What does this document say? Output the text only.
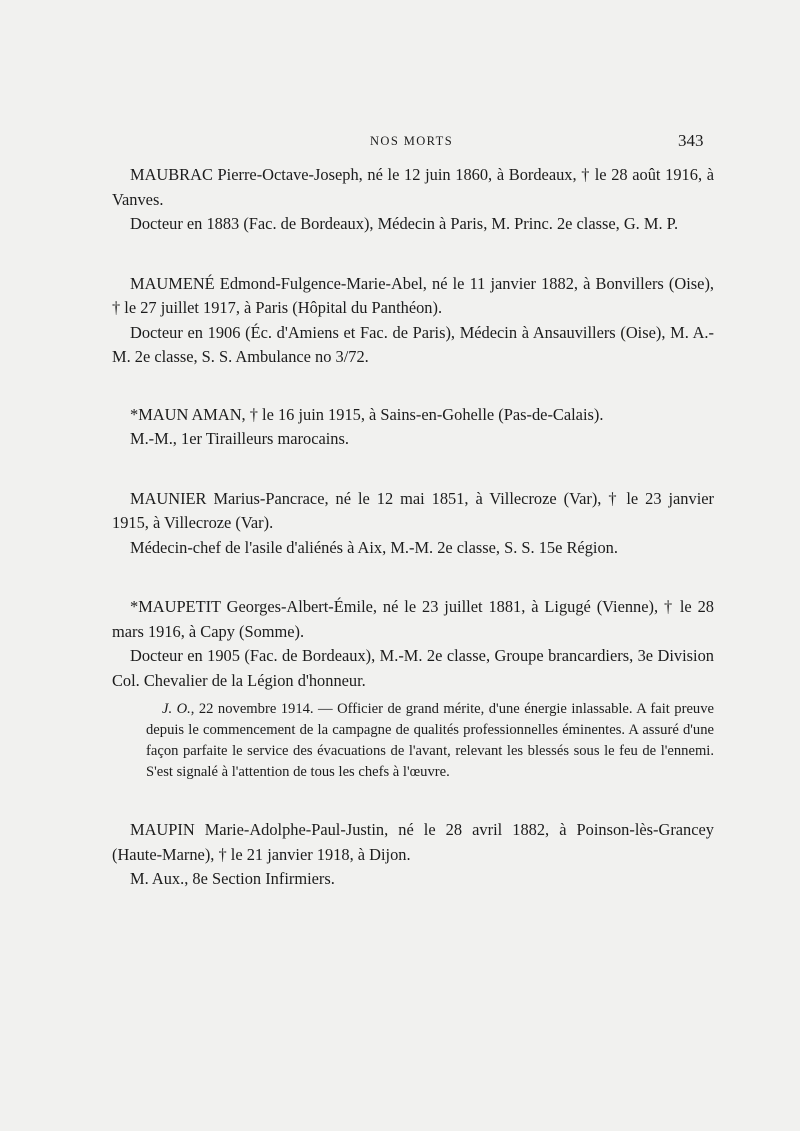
NOS MORTS	343

MAUBRAC Pierre-Octave-Joseph, né le 12 juin 1860, à Bordeaux, † le 28 août 1916, à Vanves.

Docteur en 1883 (Fac. de Bordeaux), Médecin à Paris, M. Princ. 2e classe, G. M. P.

MAUMENÉ Edmond-Fulgence-Marie-Abel, né le 11 janvier 1882, à Bonvillers (Oise), † le 27 juillet 1917, à Paris (Hôpital du Panthéon).

Docteur en 1906 (Éc. d'Amiens et Fac. de Paris), Médecin à Ansauvillers (Oise), M. A.-M. 2e classe, S. S. Ambulance no 3/72.

*MAUN AMAN, † le 16 juin 1915, à Sains-en-Gohelle (Pas-de-Calais).

M.-M., 1er Tirailleurs marocains.

MAUNIER Marius-Pancrace, né le 12 mai 1851, à Villecroze (Var), † le 23 janvier 1915, à Villecroze (Var).

Médecin-chef de l'asile d'aliénés à Aix, M.-M. 2e classe, S. S. 15e Région.

*MAUPETIT Georges-Albert-Émile, né le 23 juillet 1881, à Ligugé (Vienne), † le 28 mars 1916, à Capy (Somme).

Docteur en 1905 (Fac. de Bordeaux), M.-M. 2e classe, Groupe brancardiers, 3e Division Col. Chevalier de la Légion d'honneur.

J. O., 22 novembre 1914. — Officier de grand mérite, d'une énergie inlassable. A fait preuve depuis le commencement de la campagne de qualités professionnelles éminentes. A assuré d'une façon parfaite le service des évacuations de l'avant, relevant les blessés sous le feu de l'ennemi. S'est signalé à l'attention de tous les chefs à l'œuvre.

MAUPIN Marie-Adolphe-Paul-Justin, né le 28 avril 1882, à Poinson-lès-Grancey (Haute-Marne), † le 21 janvier 1918, à Dijon.

M. Aux., 8e Section Infirmiers.
